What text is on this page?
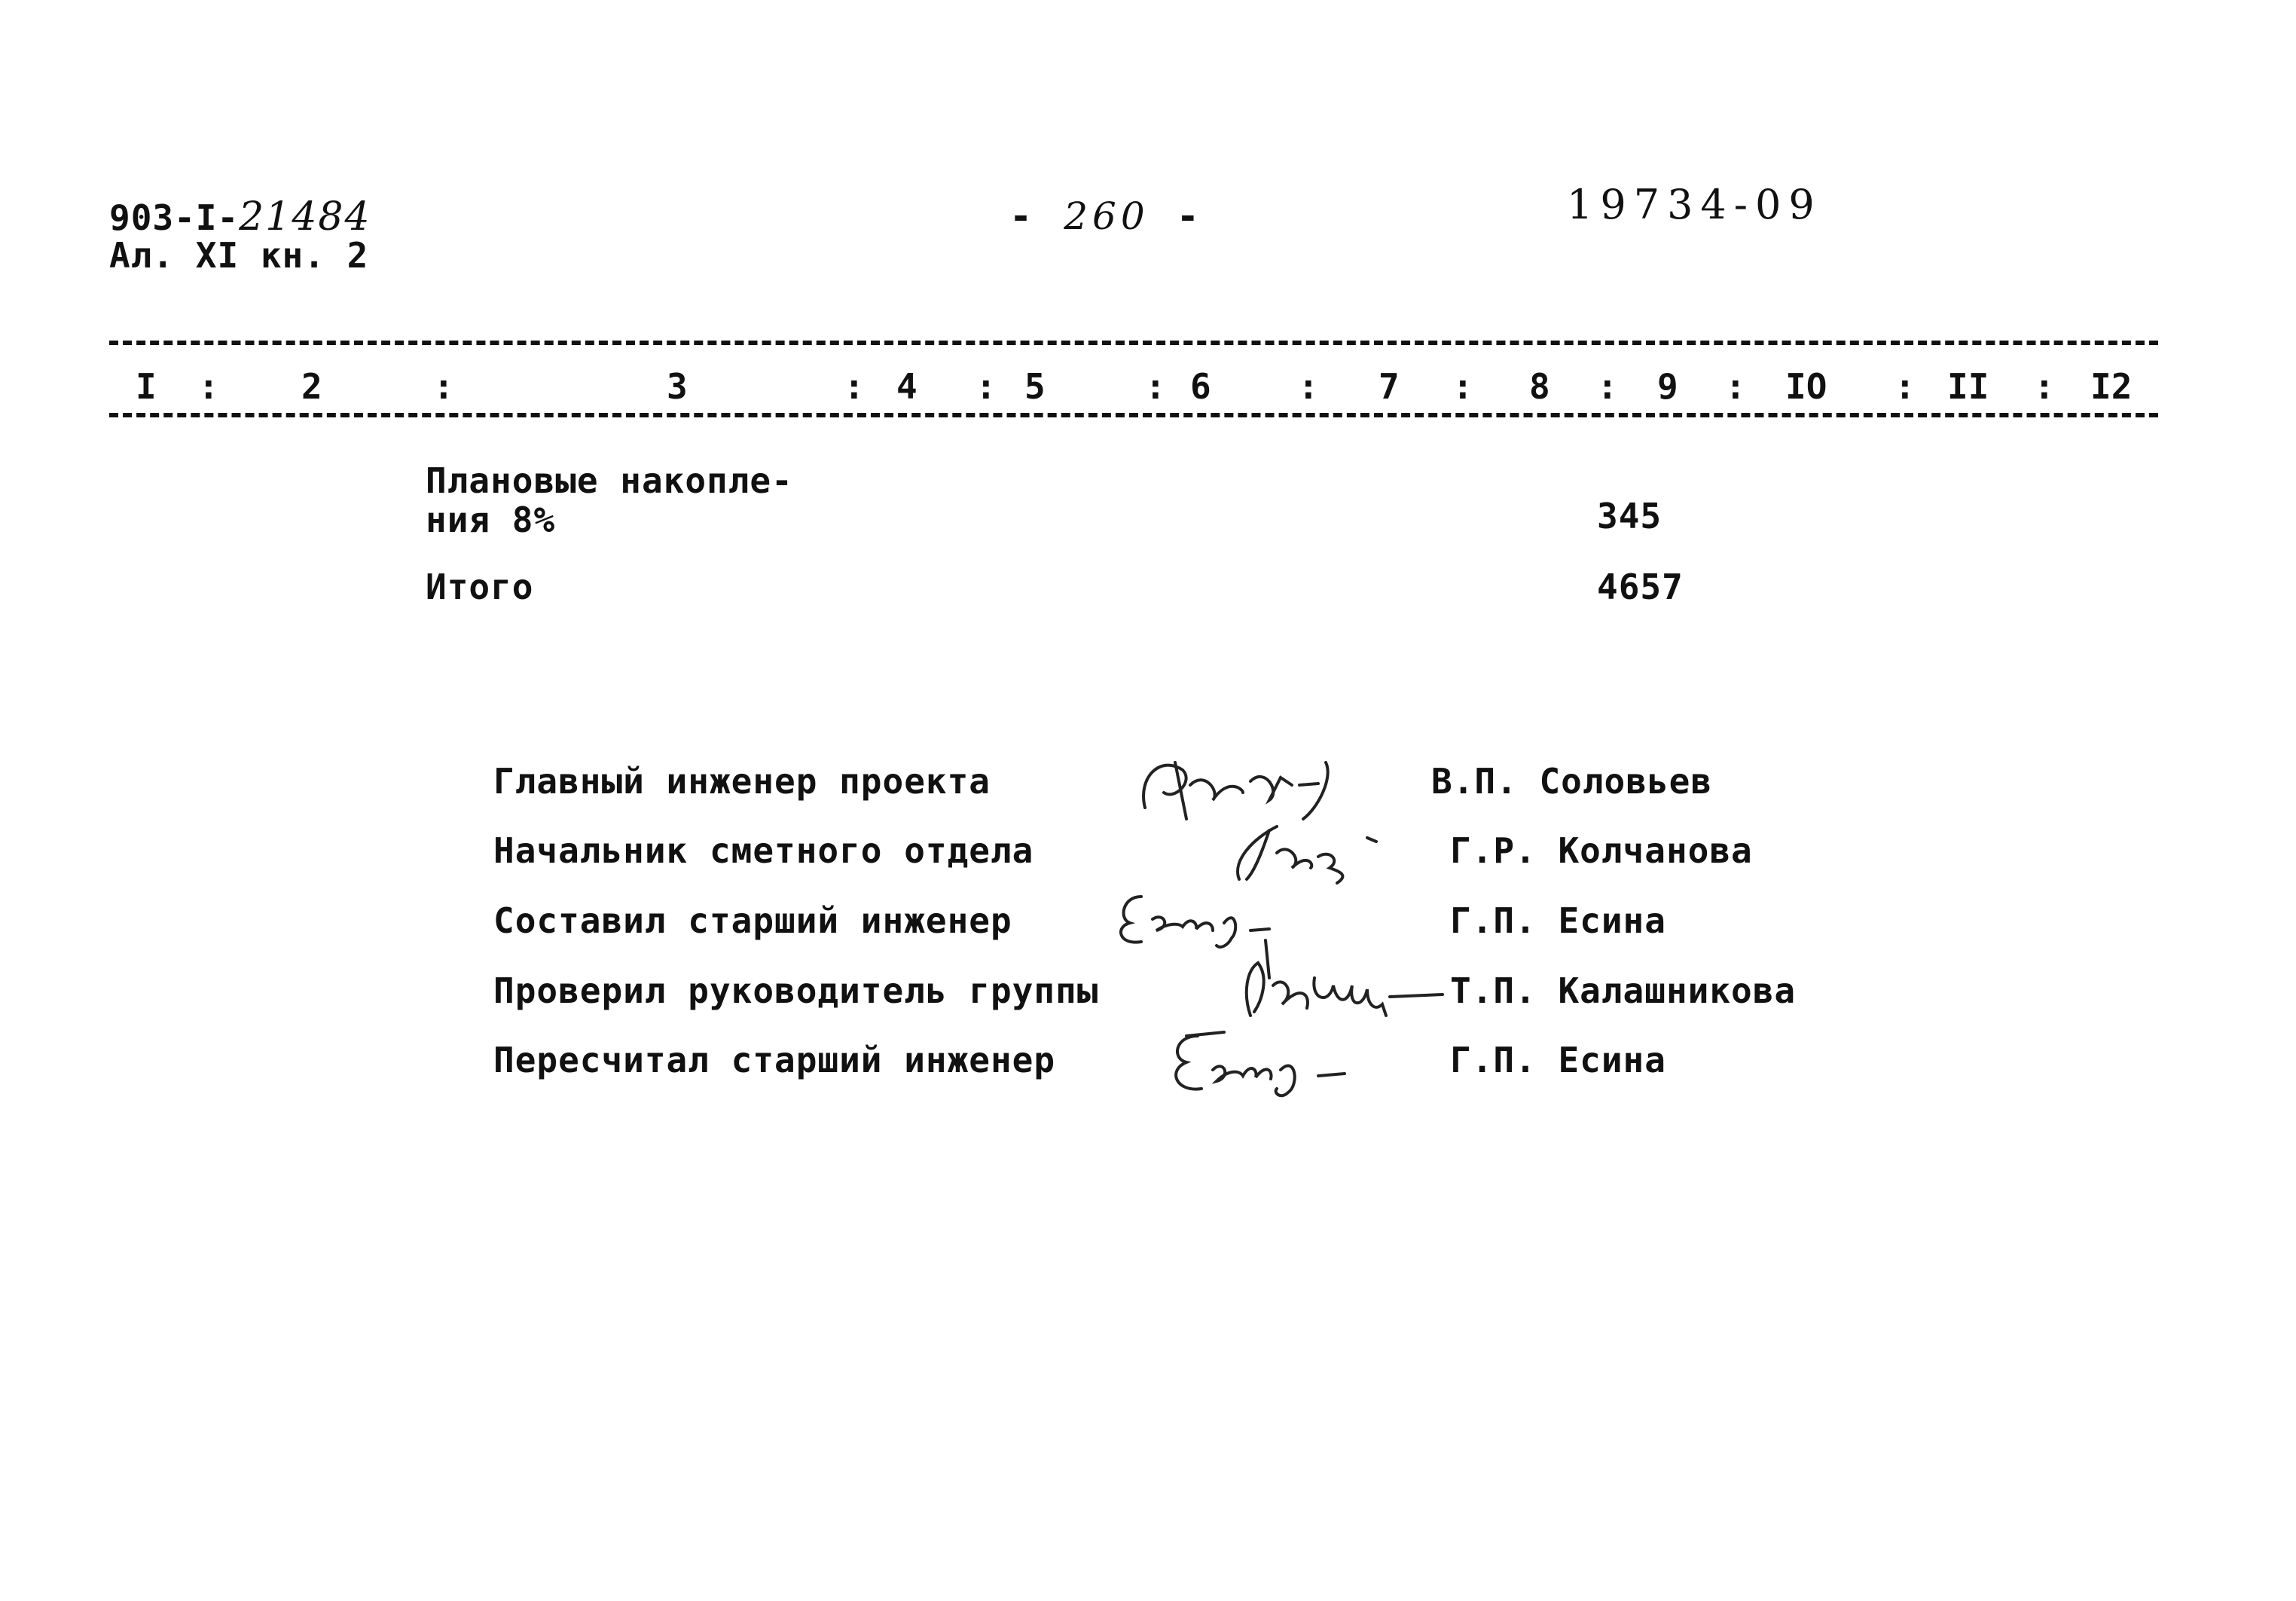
903-I-21484
Ал. XI кн. 2
- 260 -	19734-09
I : 2	:	3	: 4 : 5	: 6	: 7 : 8 : 9 : IO : II : I2
Плановые накопле-
ния 8%	345
Итого	4657
Главный инженер проекта	В.П. Соловьев
Начальник сметного отдела	Г.Р. Колчанова
Составил старший инженер	Г.П. Есина
Проверил руководитель группы	Т.П. Калашникова
Пересчитал старший инженер	Г.П. Есина
